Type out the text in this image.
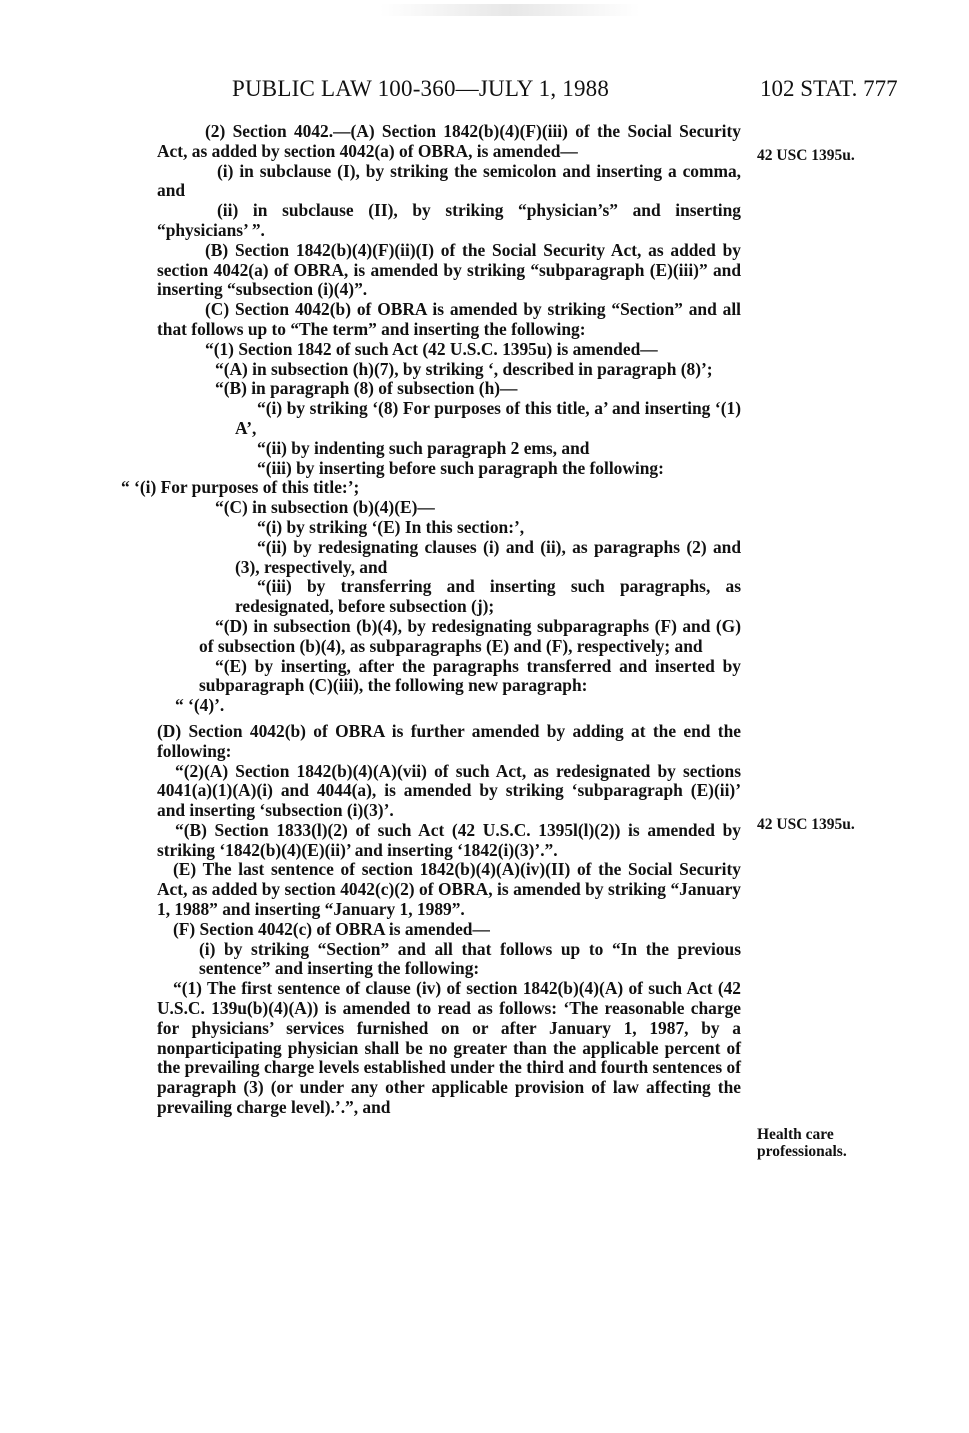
PUBLIC LAW 100-360—JULY 1, 1988	102 STAT. 777

(2) Section 4042.—(A) Section 1842(b)(4)(F)(iii) of the Social Security Act, as added by section 4042(a) of OBRA, is amended—

(i) in subclause (I), by striking the semicolon and inserting a comma, and

(ii) in subclause (II), by striking “physician’s” and inserting “physicians’ ”.

(B) Section 1842(b)(4)(F)(ii)(I) of the Social Security Act, as added by section 4042(a) of OBRA, is amended by striking “subparagraph (E)(iii)” and inserting “subsection (i)(4)”.

(C) Section 4042(b) of OBRA is amended by striking “Section” and all that follows up to “The term” and inserting the following:

“(1) Section 1842 of such Act (42 U.S.C. 1395u) is amended—

“(A) in subsection (h)(7), by striking ‘, described in paragraph (8)’;

“(B) in paragraph (8) of subsection (h)—

“(i) by striking ‘(8) For purposes of this title, a’ and inserting ‘(1) A’,

“(ii) by indenting such paragraph 2 ems, and

“(iii) by inserting before such paragraph the following:

“ ‘(i) For purposes of this title:’;

“(C) in subsection (b)(4)(E)—

“(i) by striking ‘(E) In this section:’,

“(ii) by redesignating clauses (i) and (ii), as paragraphs (2) and (3), respectively, and

“(iii) by transferring and inserting such paragraphs, as redesignated, before subsection (j);

“(D) in subsection (b)(4), by redesignating subparagraphs (F) and (G) of subsection (b)(4), as subparagraphs (E) and (F), respectively; and

“(E) by inserting, after the paragraphs transferred and inserted by subparagraph (C)(iii), the following new paragraph:

“ ‘(4)’.

(D) Section 4042(b) of OBRA is further amended by adding at the end the following:

“(2)(A) Section 1842(b)(4)(A)(vii) of such Act, as redesignated by sections 4041(a)(1)(A)(i) and 4044(a), is amended by striking ‘subparagraph (E)(ii)’ and inserting ‘subsection (i)(3)’.

“(B) Section 1833(l)(2) of such Act (42 U.S.C. 1395l(l)(2)) is amended by striking ‘1842(b)(4)(E)(ii)’ and inserting ‘1842(i)(3)’.”.

(E) The last sentence of section 1842(b)(4)(A)(iv)(II) of the Social Security Act, as added by section 4042(c)(2) of OBRA, is amended by striking “January 1, 1988” and inserting “January 1, 1989”.

(F) Section 4042(c) of OBRA is amended—

(i) by striking “Section” and all that follows up to “In the previous sentence” and inserting the following:

“(1) The first sentence of clause (iv) of section 1842(b)(4)(A) of such Act (42 U.S.C. 139u(b)(4)(A)) is amended to read as follows: ‘The reasonable charge for physicians’ services furnished on or after January 1, 1987, by a nonparticipating physician shall be no greater than the applicable percent of the prevailing charge levels established under the third and fourth sentences of paragraph (3) (or under any other applicable provision of law affecting the prevailing charge level).’.”, and

42 USC 1395u.
42 USC 1395u.
Health care
professionals.
